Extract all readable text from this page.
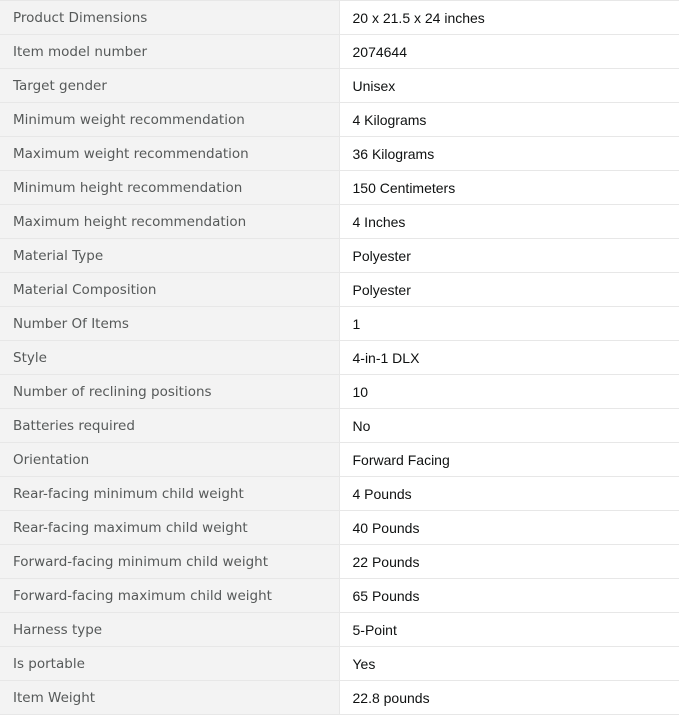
Product Dimensions	20 x 21.5 x 24 inches
Item model number	2074644
Target gender	Unisex
Minimum weight recommendation	4 Kilograms
Maximum weight recommendation	36 Kilograms
Minimum height recommendation	150 Centimeters
Maximum height recommendation	4 Inches
Material Type	Polyester
Material Composition	Polyester
Number Of Items	1
Style	4-in-1 DLX
Number of reclining positions	10
Batteries required	No
Orientation	Forward Facing
Rear-facing minimum child weight	4 Pounds
Rear-facing maximum child weight	40 Pounds
Forward-facing minimum child weight	22 Pounds
Forward-facing maximum child weight	65 Pounds
Harness type	5-Point
Is portable	Yes
Item Weight	22.8 pounds
